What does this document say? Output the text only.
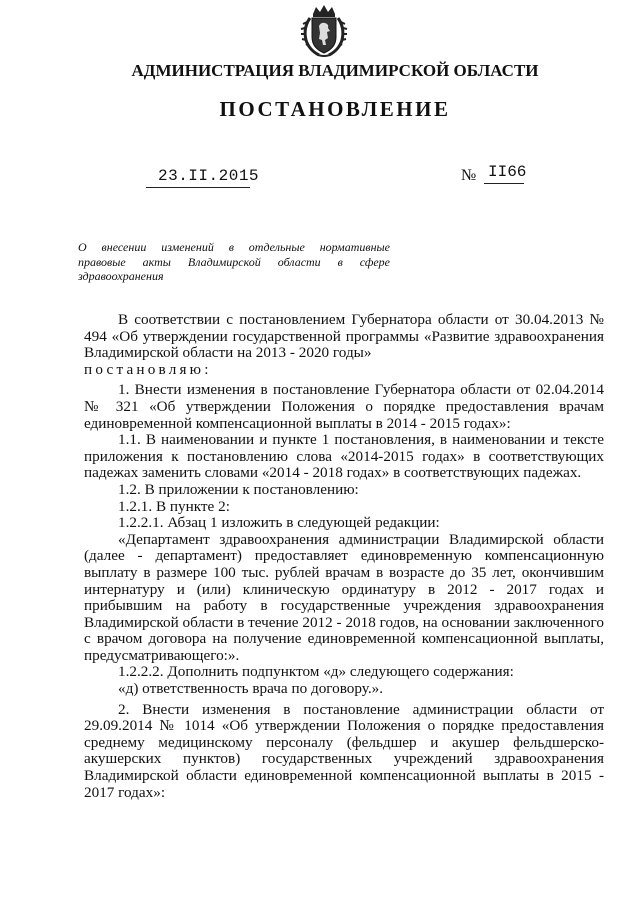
АДМИНИСТРАЦИЯ ВЛАДИМИРСКОЙ ОБЛАСТИ
ПОСТАНОВЛЕНИЕ
23.II.2015	№ II66
О внесении изменений в отдельные нормативные
правовые акты Владимирской области в сфере
здравоохранения

В соответствии с постановлением Губернатора области от 30.04.2013 № 494 «Об утверждении государственной программы «Развитие здравоохранения Владимирской области на 2013 - 2020 годы»

постановляю:

1. Внести изменения в постановление Губернатора области от 02.04.2014 № 321 «Об утверждении Положения о порядке предоставления врачам единовременной компенсационной выплаты в 2014 - 2015 годах»:

1.1. В наименовании и пункте 1 постановления, в наименовании и тексте приложения к постановлению слова «2014-2015 годах» в соответствующих падежах заменить словами «2014 - 2018 годах» в соответствующих падежах.

1.2. В приложении к постановлению:

1.2.1. В пункте 2:

1.2.2.1. Абзац 1 изложить в следующей редакции:

«Департамент здравоохранения администрации Владимирской области (далее - департамент) предоставляет единовременную компенсационную выплату в размере 100 тыс. рублей врачам в возрасте до 35 лет, окончившим интернатуру и (или) клиническую ординатуру в 2012 - 2017 годах и прибывшим на работу в государственные учреждения здравоохранения Владимирской области в течение 2012 - 2018 годов, на основании заключенного с врачом договора на получение единовременной компенсационной выплаты, предусматривающего:».

1.2.2.2. Дополнить подпунктом «д» следующего содержания:

«д) ответственность врача по договору.».

2. Внести изменения в постановление администрации области от 29.09.2014 № 1014 «Об утверждении Положения о порядке предоставления среднему медицинскому персоналу (фельдшер и акушер фельдшерско-акушерских пунктов) государственных учреждений здравоохранения Владимирской области единовременной компенсационной выплаты в 2015 - 2017 годах»:
